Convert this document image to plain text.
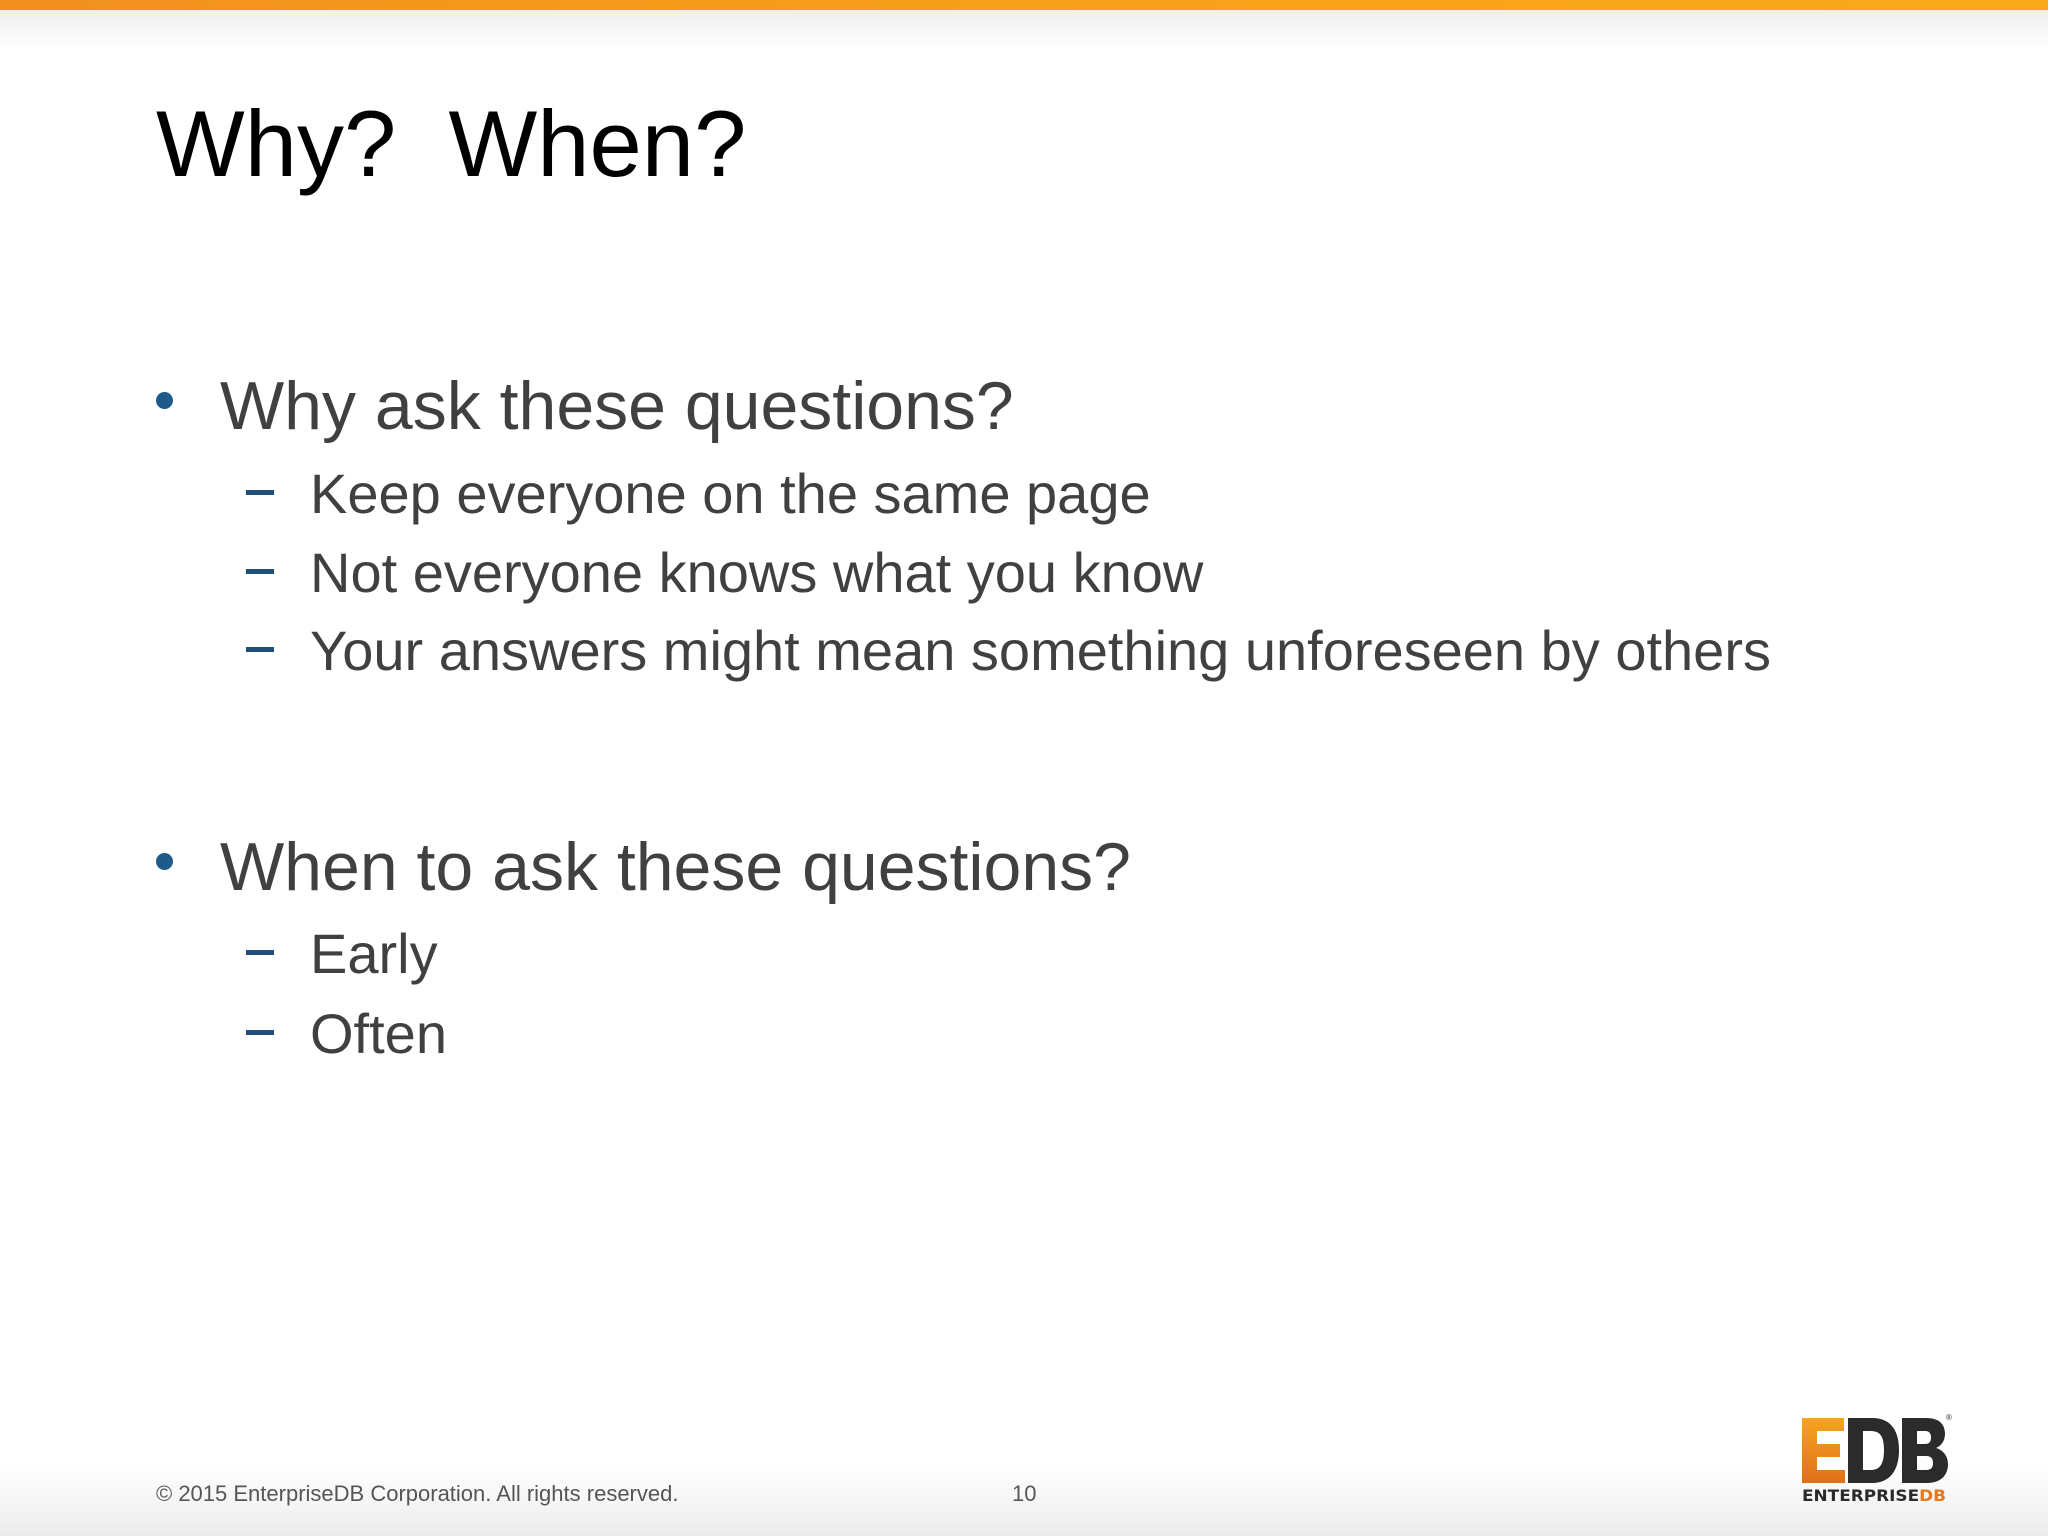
Why?  When?
Why ask these questions?
Keep everyone on the same page
Not everyone knows what you know
Your answers might mean something unforeseen by others
When to ask these questions?
Early
Often
© 2015 EnterpriseDB Corporation. All rights reserved.	10
®
ENTERPRISE DB
